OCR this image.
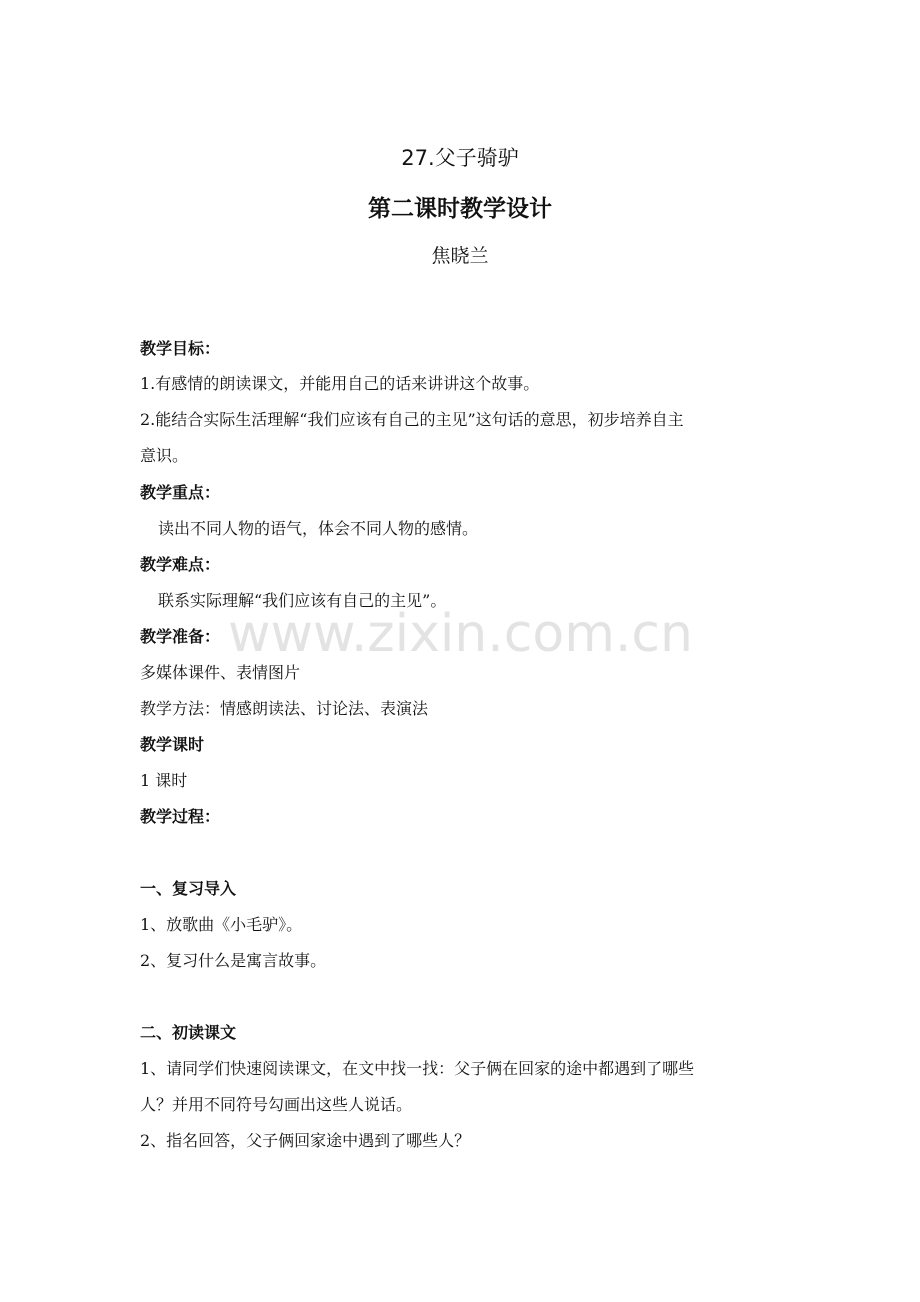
www.zixin.com.cn
27.父子骑驴
第二课时教学设计
焦晓兰
教学目标：
1.有感情的朗读课文，并能用自己的话来讲讲这个故事。
2.能结合实际生活理解“我们应该有自己的主见”这句话的意思，初步培养自主
意识。
教学重点：
读出不同人物的语气，体会不同人物的感情。
教学难点：
联系实际理解“我们应该有自己的主见”。
教学准备：
多媒体课件、表情图片
教学方法：情感朗读法、讨论法、表演法
教学课时
1 课时
教学过程：
一、复习导入
1、放歌曲《小毛驴》。
2、复习什么是寓言故事。
二、初读课文
1、请同学们快速阅读课文，在文中找一找：父子俩在回家的途中都遇到了哪些
人？并用不同符号勾画出这些人说话。
2、指名回答，父子俩回家途中遇到了哪些人？
